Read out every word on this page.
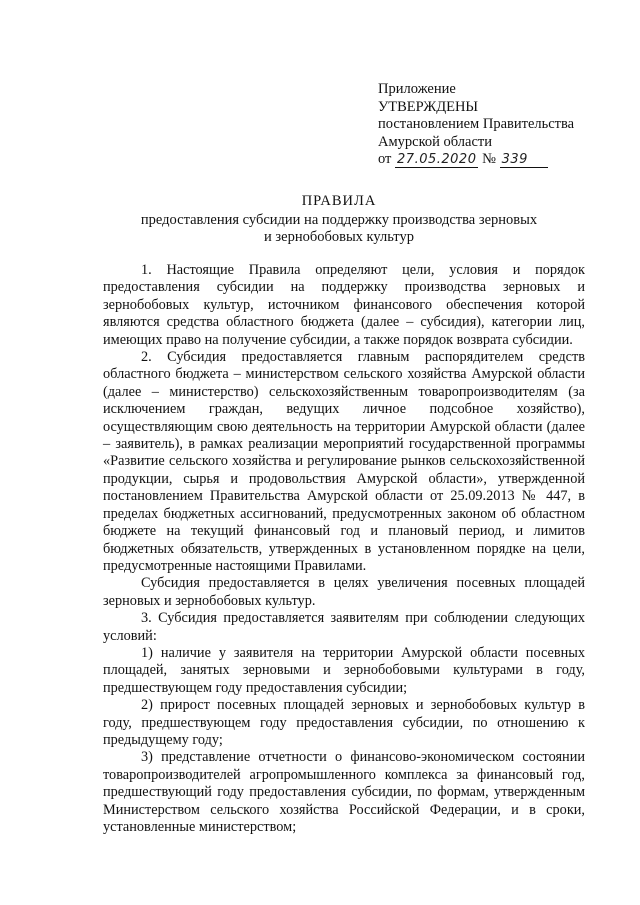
Приложение
УТВЕРЖДЕНЫ
постановлением Правительства
Амурской области
от 27.05.2020 № 339
ПРАВИЛА
предоставления субсидии на поддержку производства зерновых
и зернобобовых культур

1. Настоящие Правила определяют цели, условия и порядок предоставления субсидии на поддержку производства зерновых и зернобобовых культур, источником финансового обеспечения которой являются средства областного бюджета (далее – субсидия), категории лиц, имеющих право на получение субсидии, а также порядок возврата субсидии.

2. Субсидия предоставляется главным распорядителем средств областного бюджета – министерством сельского хозяйства Амурской области (далее – министерство) сельскохозяйственным товаропроизводителям (за исключением граждан, ведущих личное подсобное хозяйство), осуществляющим свою деятельность на территории Амурской области (далее – заявитель), в рамках реализации мероприятий государственной программы «Развитие сельского хозяйства и регулирование рынков сельскохозяйственной продукции, сырья и продовольствия Амурской области», утвержденной постановлением Правительства Амурской области от 25.09.2013 № 447, в пределах бюджетных ассигнований, предусмотренных законом об областном бюджете на текущий финансовый год и плановый период, и лимитов бюджетных обязательств, утвержденных в установленном порядке на цели, предусмотренные настоящими Правилами.

Субсидия предоставляется в целях увеличения посевных площадей зерновых и зернобобовых культур.

3. Субсидия предоставляется заявителям при соблюдении следующих условий:

1) наличие у заявителя на территории Амурской области посевных площадей, занятых зерновыми и зернобобовыми культурами в году, предшествующем году предоставления субсидии;

2) прирост посевных площадей зерновых и зернобобовых культур в году, предшествующем году предоставления субсидии, по отношению к предыдущему году;

3) представление отчетности о финансово-экономическом состоянии товаропроизводителей агропромышленного комплекса за финансовый год, предшествующий году предоставления субсидии, по формам, утвержденным Министерством сельского хозяйства Российской Федерации, и в сроки, установленные министерством;
